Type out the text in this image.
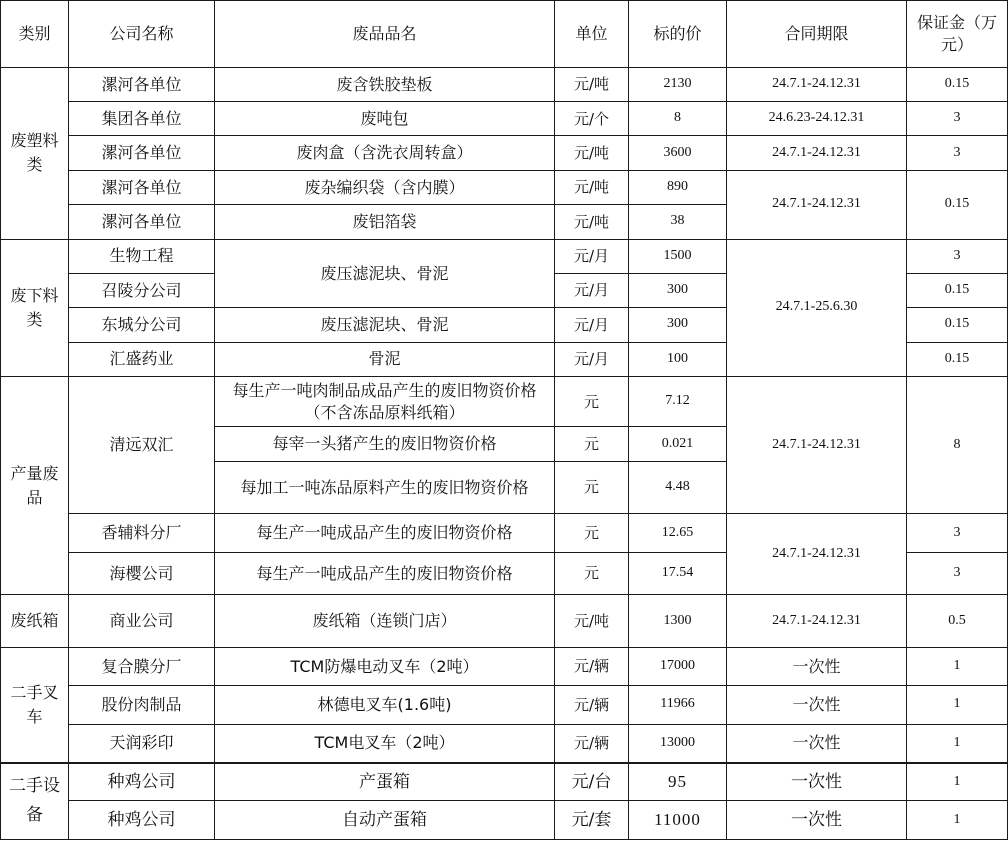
类别	公司名称	废品品名	单位	标的价	合同期限	保证金（万元）
废塑料类	漯河各单位	废含铁胶垫板	元/吨	2130	24.7.1-24.12.31	0.15
	集团各单位	废吨包	元/个	8	24.6.23-24.12.31	3
	漯河各单位	废肉盒（含洗衣周转盒）	元/吨	3600	24.7.1-24.12.31	3
	漯河各单位	废杂编织袋（含内膜）	元/吨	890	24.7.1-24.12.31	0.15
	漯河各单位	废铝箔袋	元/吨	38		
废下料类	生物工程	废压滤泥块、骨泥	元/月	1500	24.7.1-25.6.30	3
	召陵分公司		元/月	300		0.15
	东城分公司	废压滤泥块、骨泥	元/月	300		0.15
	汇盛药业	骨泥	元/月	100		0.15
产量废品	清远双汇	每生产一吨肉制品成品产生的废旧物资价格（不含冻品原料纸箱）	元	7.12	24.7.1-24.12.31	8
		每宰一头猪产生的废旧物资价格	元	0.021		
		每加工一吨冻品原料产生的废旧物资价格	元	4.48		
	香辅料分厂	每生产一吨成品产生的废旧物资价格	元	12.65	24.7.1-24.12.31	3
	海樱公司	每生产一吨成品产生的废旧物资价格	元	17.54		3
废纸箱	商业公司	废纸箱（连锁门店）	元/吨	1300	24.7.1-24.12.31	0.5
二手叉车	复合膜分厂	TCM防爆电动叉车（2吨）	元/辆	17000	一次性	1
	股份肉制品	林德电叉车(1.6吨)	元/辆	11966	一次性	1
	天润彩印	TCM电叉车（2吨）	元/辆	13000	一次性	1
二手设备	种鸡公司	产蛋箱	元/台	95	一次性	1
	种鸡公司	自动产蛋箱	元/套	11000	一次性	1
